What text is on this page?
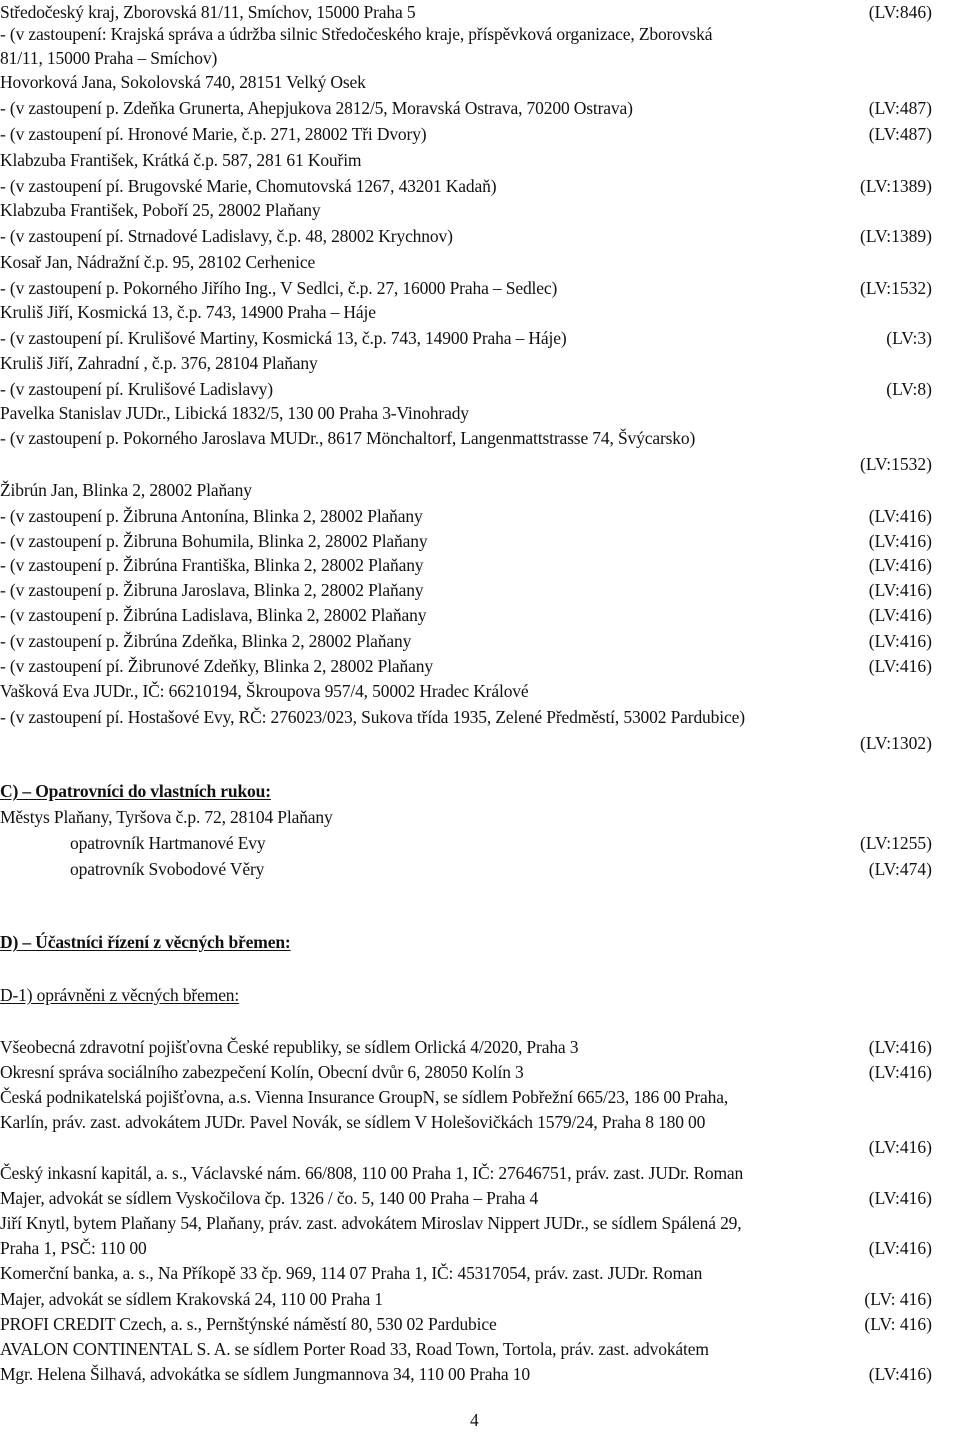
Středočeský kraj, Zborovská 81/11, Smíchov, 15000 Praha 5	(LV:846)
- (v zastoupení: Krajská správa a údržba silnic Středočeského kraje, příspěvková organizace, Zborovská
81/11, 15000 Praha – Smíchov)
Hovorková Jana, Sokolovská 740, 28151 Velký Osek
- (v zastoupení p. Zdeňka Grunerta, Ahepjukova 2812/5, Moravská Ostrava, 70200 Ostrava)	(LV:487)
- (v zastoupení pí. Hronové Marie, č.p. 271, 28002 Tři Dvory)	(LV:487)
Klabzuba František, Krátká č.p. 587, 281 61 Kouřim
- (v zastoupení pí. Brugovské Marie, Chomutovská 1267, 43201 Kadaň)	(LV:1389)
Klabzuba František, Poboří 25, 28002 Plaňany
- (v zastoupení pí. Strnadové Ladislavy, č.p. 48, 28002 Krychnov)	(LV:1389)
Kosař Jan, Nádražní č.p. 95, 28102 Cerhenice
- (v zastoupení p. Pokorného Jiřího Ing., V Sedlci, č.p. 27, 16000 Praha – Sedlec)	(LV:1532)
Kruliš Jiří, Kosmická 13, č.p. 743, 14900 Praha – Háje
- (v zastoupení pí. Krulišové Martiny, Kosmická 13, č.p. 743, 14900 Praha – Háje)	(LV:3)
Kruliš Jiří, Zahradní , č.p. 376, 28104 Plaňany
- (v zastoupení pí. Krulišové Ladislavy)	(LV:8)
Pavelka Stanislav JUDr., Libická 1832/5, 130 00 Praha 3-Vinohrady
- (v zastoupení p. Pokorného Jaroslava MUDr., 8617 Mönchaltorf, Langenmattstrasse 74, Švýcarsko)
(LV:1532)
Žibrún Jan, Blinka 2, 28002 Plaňany
- (v zastoupení p. Žibruna Antonína, Blinka 2, 28002 Plaňany	(LV:416)
- (v zastoupení p. Žibruna Bohumila, Blinka 2, 28002 Plaňany	(LV:416)
- (v zastoupení p. Žibrúna Františka, Blinka 2, 28002 Plaňany	(LV:416)
- (v zastoupení p. Žibruna Jaroslava, Blinka 2, 28002 Plaňany	(LV:416)
- (v zastoupení p. Žibrúna Ladislava, Blinka 2, 28002 Plaňany	(LV:416)
- (v zastoupení p. Žibrúna Zdeňka, Blinka 2, 28002 Plaňany	(LV:416)
- (v zastoupení pí. Žibrunové Zdeňky, Blinka 2, 28002 Plaňany	(LV:416)
Vašková Eva JUDr., IČ: 66210194, Škroupova 957/4, 50002 Hradec Králové
- (v zastoupení pí. Hostašové Evy, RČ: 276023/023, Sukova třída 1935, Zelené Předměstí, 53002 Pardubice)
(LV:1302)
C) – Opatrovníci do vlastních rukou:
Městys Plaňany, Tyršova č.p. 72, 28104 Plaňany
opatrovník Hartmanové Evy	(LV:1255)
opatrovník Svobodové Věry	(LV:474)
D) – Účastníci řízení z věcných břemen:
D-1) oprávněni z věcných břemen:
Všeobecná zdravotní pojišťovna České republiky, se sídlem Orlická 4/2020, Praha 3	(LV:416)
Okresní správa sociálního zabezpečení Kolín, Obecní dvůr 6, 28050 Kolín 3	(LV:416)
Česká podnikatelská pojišťovna, a.s. Vienna Insurance GroupN, se sídlem Pobřežní 665/23, 186 00 Praha,
Karlín, práv. zast. advokátem JUDr. Pavel Novák, se sídlem V Holešovičkách 1579/24, Praha 8 180 00
(LV:416)
Český inkasní kapitál, a. s., Václavské nám. 66/808, 110 00 Praha 1, IČ: 27646751, práv. zast. JUDr. Roman
Majer, advokát se sídlem Vyskočilova čp. 1326 / čo. 5, 140 00 Praha – Praha 4	(LV:416)
Jiří Knytl, bytem Plaňany 54, Plaňany, práv. zast. advokátem Miroslav Nippert JUDr., se sídlem Spálená 29,
Praha 1, PSČ: 110 00	(LV:416)
Komerční banka, a. s., Na Příkopě 33 čp. 969, 114 07 Praha 1, IČ: 45317054, práv. zast. JUDr. Roman
Majer, advokát se sídlem Krakovská 24, 110 00 Praha 1	(LV: 416)
PROFI CREDIT Czech, a. s., Pernštýnské náměstí 80, 530 02 Pardubice	(LV: 416)
AVALON CONTINENTAL S. A. se sídlem Porter Road 33, Road Town, Tortola, práv. zast. advokátem
Mgr. Helena Šilhavá, advokátka se sídlem Jungmannova 34, 110 00 Praha 10	(LV:416)
4
